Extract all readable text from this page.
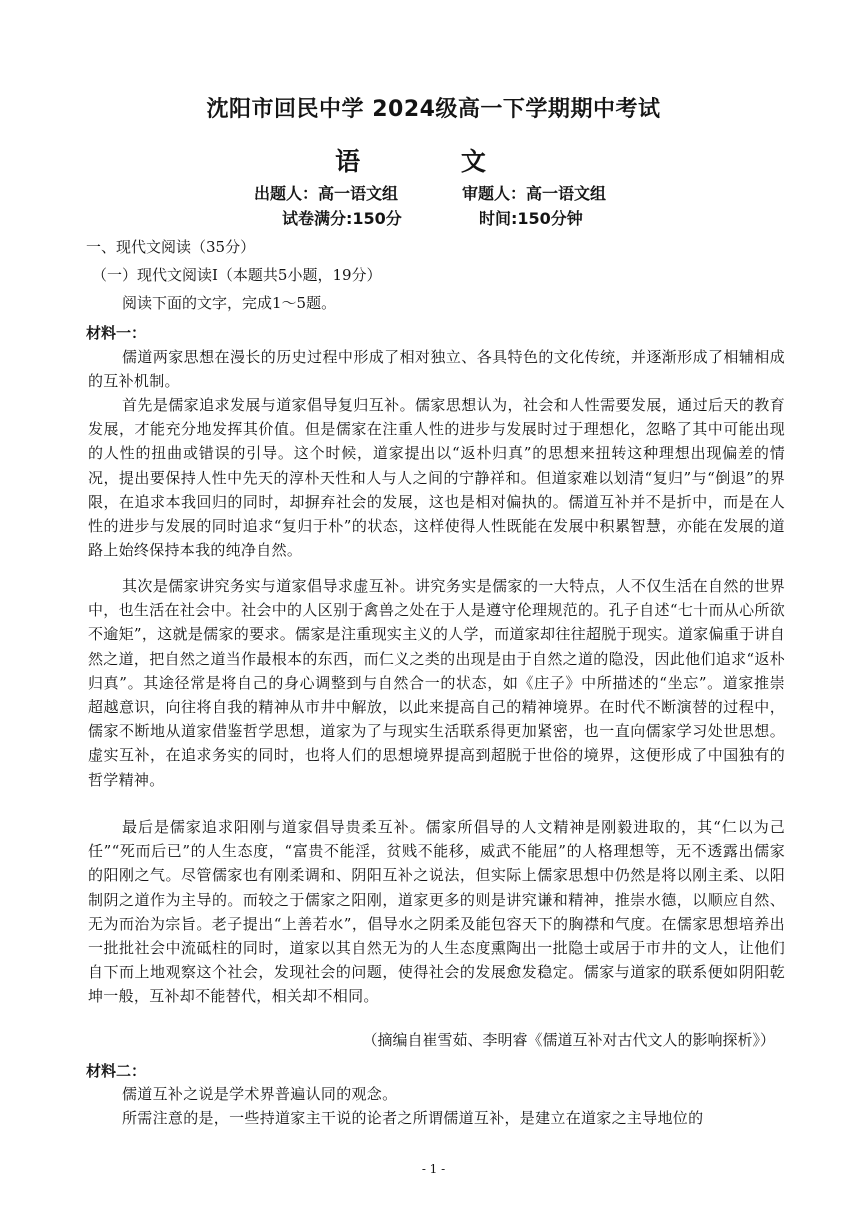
沈阳市回民中学 2024级高一下学期期中考试
语 文
出题人：高一语文组	审题人：高一语文组
试卷满分:150分	时间:150分钟
一、现代文阅读（35分）
（一）现代文阅读Ⅰ（本题共5小题，19分）
阅读下面的文字，完成1～5题。
材料一：

儒道两家思想在漫长的历史过程中形成了相对独立、各具特色的文化传统，并逐渐形成了相辅相成的互补机制。

首先是儒家追求发展与道家倡导复归互补。儒家思想认为，社会和人性需要发展，通过后天的教育发展，才能充分地发挥其价值。但是儒家在注重人性的进步与发展时过于理想化，忽略了其中可能出现的人性的扭曲或错误的引导。这个时候，道家提出以“返朴归真”的思想来扭转这种理想出现偏差的情况，提出要保持人性中先天的淳朴天性和人与人之间的宁静祥和。但道家难以划清“复归”与“倒退”的界限，在追求本我回归的同时，却摒弃社会的发展，这也是相对偏执的。儒道互补并不是折中，而是在人性的进步与发展的同时追求“复归于朴”的状态，这样使得人性既能在发展中积累智慧，亦能在发展的道路上始终保持本我的纯净自然。

其次是儒家讲究务实与道家倡导求虚互补。讲究务实是儒家的一大特点，人不仅生活在自然的世界中，也生活在社会中。社会中的人区别于禽兽之处在于人是遵守伦理规范的。孔子自述“七十而从心所欲不逾矩”，这就是儒家的要求。儒家是注重现实主义的人学，而道家却往往超脱于现实。道家偏重于讲自然之道，把自然之道当作最根本的东西，而仁义之类的出现是由于自然之道的隐没，因此他们追求“返朴归真”。其途径常是将自己的身心调整到与自然合一的状态，如《庄子》中所描述的“坐忘”。道家推崇超越意识，向往将自我的精神从市井中解放，以此来提高自己的精神境界。在时代不断演替的过程中，儒家不断地从道家借鉴哲学思想，道家为了与现实生活联系得更加紧密，也一直向儒家学习处世思想。虚实互补，在追求务实的同时，也将人们的思想境界提高到超脱于世俗的境界，这便形成了中国独有的哲学精神。

最后是儒家追求阳刚与道家倡导贵柔互补。儒家所倡导的人文精神是刚毅进取的，其“仁以为己任”“死而后已”的人生态度，“富贵不能淫，贫贱不能移，威武不能屈”的人格理想等，无不透露出儒家的阳刚之气。尽管儒家也有刚柔调和、阴阳互补之说法，但实际上儒家思想中仍然是将以刚主柔、以阳制阴之道作为主导的。而较之于儒家之阳刚，道家更多的则是讲究谦和精神，推崇水德，以顺应自然、无为而治为宗旨。老子提出“上善若水”，倡导水之阴柔及能包容天下的胸襟和气度。在儒家思想培养出一批批社会中流砥柱的同时，道家以其自然无为的人生态度熏陶出一批隐士或居于市井的文人，让他们自下而上地观察这个社会，发现社会的问题，使得社会的发展愈发稳定。儒家与道家的联系便如阴阳乾坤一般，互补却不能替代，相关却不相同。

（摘编自崔雪茹、李明睿《儒道互补对古代文人的影响探析》）
材料二：

儒道互补之说是学术界普遍认同的观念。

所需注意的是，一些持道家主干说的论者之所谓儒道互补，是建立在道家之主导地位的

- 1 -
